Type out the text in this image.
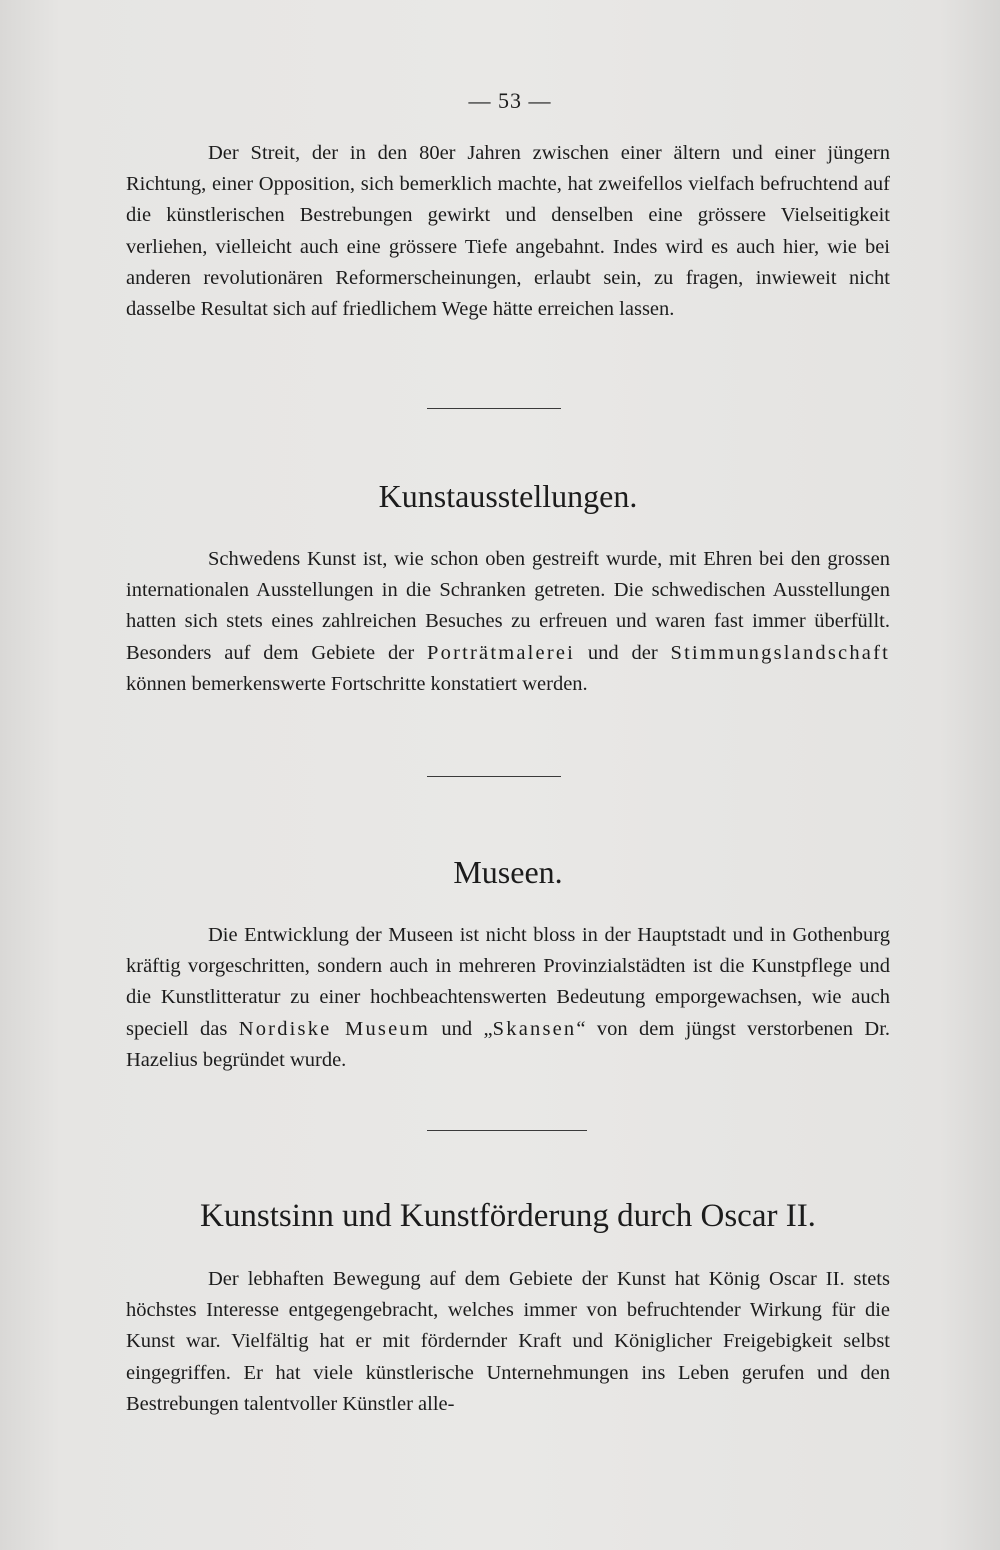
— 53 —

Der Streit, der in den 80er Jahren zwischen einer ältern und einer jüngern Richtung, einer Opposition, sich bemerklich machte, hat zweifellos vielfach befruchtend auf die künstlerischen Bestrebungen gewirkt und denselben eine grössere Vielseitigkeit verliehen, vielleicht auch eine grössere Tiefe angebahnt. Indes wird es auch hier, wie bei anderen revolutionären Reformerscheinungen, erlaubt sein, zu fragen, inwieweit nicht dasselbe Resultat sich auf friedlichem Wege hätte erreichen lassen.

Kunstausstellungen.

Schwedens Kunst ist, wie schon oben gestreift wurde, mit Ehren bei den grossen internationalen Ausstellungen in die Schranken getreten. Die schwedischen Ausstellungen hatten sich stets eines zahlreichen Besuches zu erfreuen und waren fast immer überfüllt. Besonders auf dem Gebiete der Porträtmalerei und der Stimmungslandschaft können bemerkenswerte Fortschritte konstatiert werden.

Museen.

Die Entwicklung der Museen ist nicht bloss in der Hauptstadt und in Gothenburg kräftig vorgeschritten, sondern auch in mehreren Provinzialstädten ist die Kunstpflege und die Kunstlitteratur zu einer hochbeachtenswerten Bedeutung emporgewachsen, wie auch speciell das Nordiske Museum und „Skansen“ von dem jüngst verstorbenen Dr. Hazelius begründet wurde.

Kunstsinn und Kunstförderung durch Oscar II.

Der lebhaften Bewegung auf dem Gebiete der Kunst hat König Oscar II. stets höchstes Interesse entgegengebracht, welches immer von befruchtender Wirkung für die Kunst war. Vielfältig hat er mit fördernder Kraft und Königlicher Freigebigkeit selbst eingegriffen. Er hat viele künstlerische Unternehmungen ins Leben gerufen und den Bestrebungen talentvoller Künstler alle-
